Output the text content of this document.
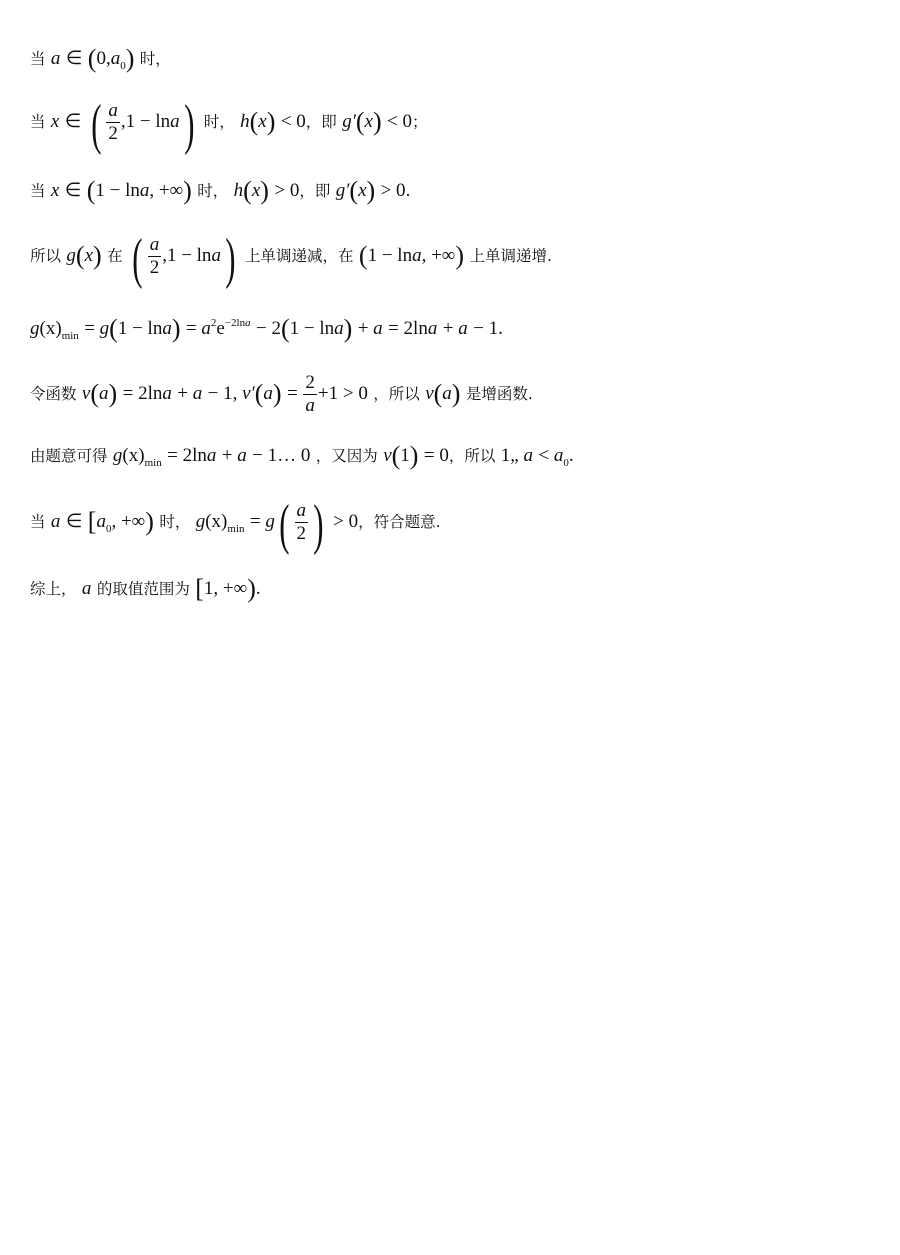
当 a ∈ $(0,a_0)$ 时，
当 x ∈ ( $\frac{a}{2} ,1 - \ln a$) 时， h(x) < 0，即 g′(x) < 0；
当 x ∈ (1 − lna, +∞) 时， h(x) > 0，即 g′(x) > 0.
所以 g(x) 在 ( $\frac{a}{2} ,1 - \ln a$) 上单调递减，在 (1 − lna, +∞) 上单调递增.
$g(x)_{min} = g(1 - \ln a) = a^2e^{-2lna} - 2(1 - \ln a) + a = 2\ln a + a - 1$.
令函数 v(a) = 2lna + a − 1, $v'(a) = \frac{2}{a} +1 > 0$ ，所以 v(a) 是增函数.
由题意可得 $g(x)_{min} = 2\ln a + a$ − 1… 0 ，又因为 v(1) = 0，所以 1„ $a < a_0$.
当 a ∈ [$a_0$, +∞) 时， $g(x)_{min} = g( \frac{a}{2}$ ) > 0，符合题意.
综上， a 的取值范围为 [1, +∞).
